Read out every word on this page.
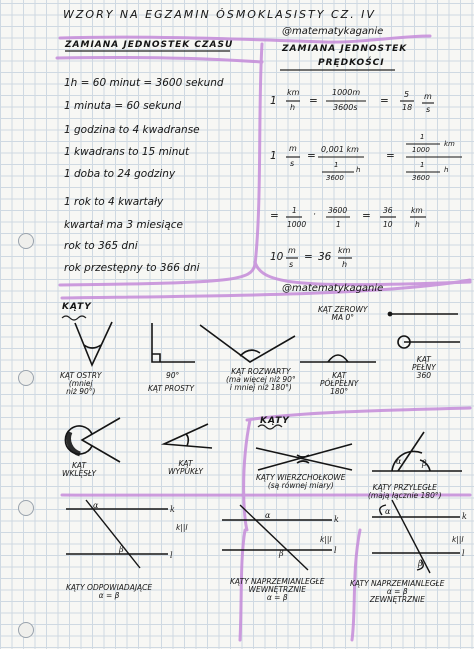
α	β
α
β
α
β
α
β
k
l
k
l
k
l
WZORY NA EGZAMIN ÓSMOKLASISTY CZ. IV
@matematykaganie
ZAMIANA JEDNOSTEK CZASU
1h = 60 minut = 3600 sekund
1 minuta = 60 sekund
1 godzina to 4 kwadranse
1 kwadrans to 15 minut
1 doba to 24 godziny
1 rok to 4 kwartały
kwartał ma 3 miesiące
rok to 365 dni
rok przestępny to 366 dni
ZAMIANA JEDNOSTEK
PRĘDKOŚCI
1
km
h
=
1000m
3600s
=
5
18
m
s
1
m
s
=
0,001 km
1
3600
h
=
1
1000
km
1
3600
h
= 1
1000
· 3600
1
= 36
10
km
h
10
m
s
= 36
km
h
@matematykaganie
KĄTY
KĄT OSTRY
(mniej
niż 90°)
90°
KĄT PROSTY
KĄT ROZWARTY
(ma więcej niż 90°
i mniej niż 180°)
KĄT ZEROWY
MA 0°
KĄT
PÓŁPEŁNY
180°
KĄT
PEŁNY
360
KĄT
WKLĘSŁY
KĄT
WYPUKŁY
KĄTY
KĄTY WIERZCHOŁKOWE
(są równej miary)	KĄTY PRZYLEGŁE
(mają łącznie 180°)
k||l
k||l	k||l
KĄTY ODPOWIADAJĄCE
α = β
KĄTY NAPRZEMIANLEGŁE
WEWNĘTRZNIE
α = β
KĄTY NAPRZEMIANLEGŁE
α = β
ZEWNĘTRZNIE
